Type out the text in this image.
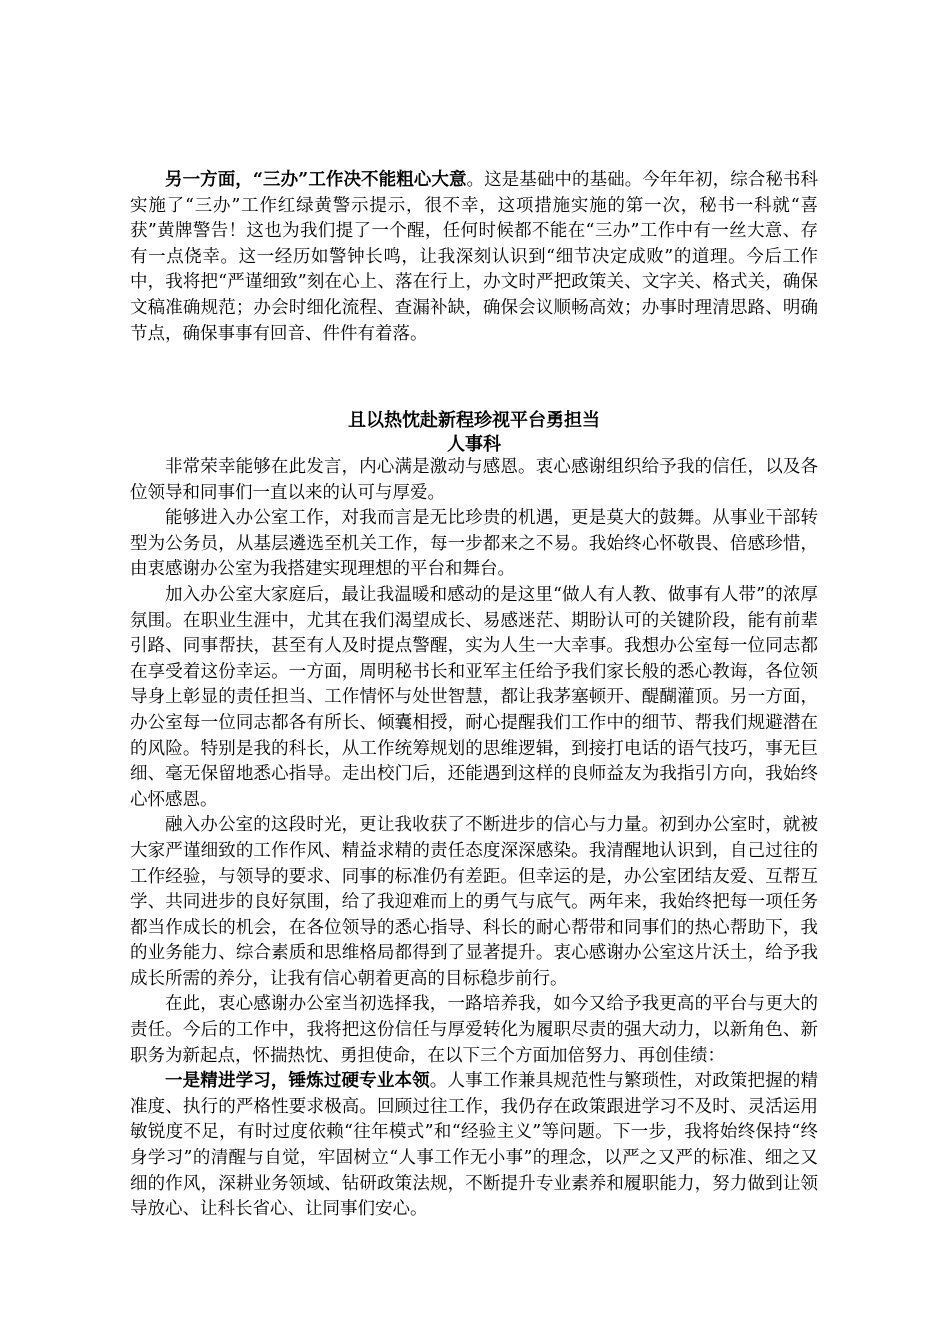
另一方面，“三办”工作决不能粗心大意。这是基础中的基础。今年年初，综合秘书科实施了“三办”工作红绿黄警示提示，很不幸，这项措施实施的第一次，秘书一科就“喜获”黄牌警告！这也为我们提了一个醒，任何时候都不能在“三办”工作中有一丝大意、存有一点侥幸。这一经历如警钟长鸣，让我深刻认识到“细节决定成败”的道理。今后工作中，我将把“严谨细致”刻在心上、落在行上，办文时严把政策关、文字关、格式关，确保文稿准确规范；办会时细化流程、查漏补缺，确保会议顺畅高效；办事时理清思路、明确节点，确保事事有回音、件件有着落。

且以热忱赴新程珍视平台勇担当
人事科

非常荣幸能够在此发言，内心满是激动与感恩。衷心感谢组织给予我的信任，以及各位领导和同事们一直以来的认可与厚爱。

能够进入办公室工作，对我而言是无比珍贵的机遇，更是莫大的鼓舞。从事业干部转型为公务员，从基层遴选至机关工作，每一步都来之不易。我始终心怀敬畏、倍感珍惜，由衷感谢办公室为我搭建实现理想的平台和舞台。

加入办公室大家庭后，最让我温暖和感动的是这里“做人有人教、做事有人带”的浓厚氛围。在职业生涯中，尤其在我们渴望成长、易感迷茫、期盼认可的关键阶段，能有前辈引路、同事帮扶，甚至有人及时提点警醒，实为人生一大幸事。我想办公室每一位同志都在享受着这份幸运。一方面，周明秘书长和亚军主任给予我们家长般的悉心教诲，各位领导身上彰显的责任担当、工作情怀与处世智慧，都让我茅塞顿开、醍醐灌顶。另一方面，办公室每一位同志都各有所长、倾囊相授，耐心提醒我们工作中的细节、帮我们规避潜在的风险。特别是我的科长，从工作统筹规划的思维逻辑，到接打电话的语气技巧，事无巨细、毫无保留地悉心指导。走出校门后，还能遇到这样的良师益友为我指引方向，我始终心怀感恩。

融入办公室的这段时光，更让我收获了不断进步的信心与力量。初到办公室时，就被大家严谨细致的工作作风、精益求精的责任态度深深感染。我清醒地认识到，自己过往的工作经验，与领导的要求、同事的标准仍有差距。但幸运的是，办公室团结友爱、互帮互学、共同进步的良好氛围，给了我迎难而上的勇气与底气。两年来，我始终把每一项任务都当作成长的机会，在各位领导的悉心指导、科长的耐心帮带和同事们的热心帮助下，我的业务能力、综合素质和思维格局都得到了显著提升。衷心感谢办公室这片沃土，给予我成长所需的养分，让我有信心朝着更高的目标稳步前行。

在此，衷心感谢办公室当初选择我，一路培养我，如今又给予我更高的平台与更大的责任。今后的工作中，我将把这份信任与厚爱转化为履职尽责的强大动力，以新角色、新职务为新起点，怀揣热忱、勇担使命，在以下三个方面加倍努力、再创佳绩：

一是精进学习，锤炼过硬专业本领。人事工作兼具规范性与繁琐性，对政策把握的精准度、执行的严格性要求极高。回顾过往工作，我仍存在政策跟进学习不及时、灵活运用敏锐度不足，有时过度依赖“往年模式”和“经验主义”等问题。下一步，我将始终保持“终身学习”的清醒与自觉，牢固树立“人事工作无小事”的理念，以严之又严的标准、细之又细的作风，深耕业务领域、钻研政策法规，不断提升专业素养和履职能力，努力做到让领导放心、让科长省心、让同事们安心。
